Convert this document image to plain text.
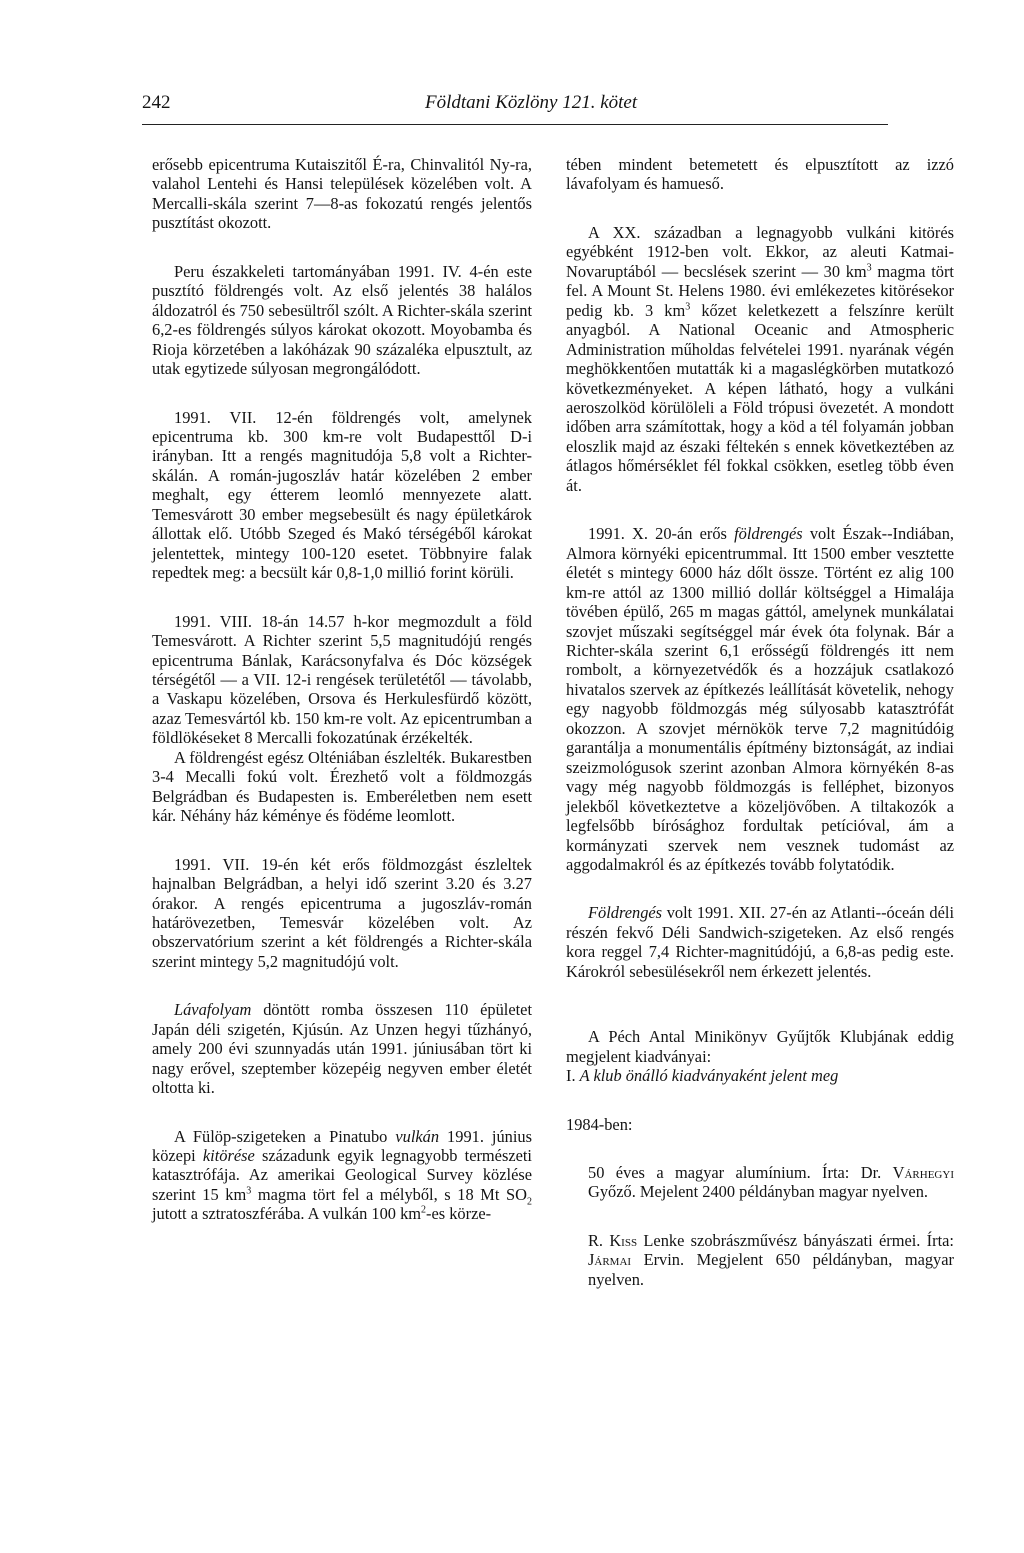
242	Földtani Közlöny 121. kötet

erősebb epicentruma Kutaiszitől É-ra, Chinvalitól Ny-ra, valahol Lentehi és Hansi települések közelében volt. A Mercalli-skála szerint 7—8-as fokozatú rengés jelentős pusztítást okozott.

Peru északkeleti tartományában 1991. IV. 4-én este pusztító földrengés volt. Az első jelentés 38 halálos áldozatról és 750 sebesültről szólt. A Richter-skála szerint 6,2-es földrengés súlyos károkat okozott. Moyobamba és Rioja körzetében a lakóházak 90 százaléka elpusztult, az utak egytizede súlyosan megrongálódott.

1991. VII. 12-én földrengés volt, amelynek epicentruma kb. 300 km-re volt Budapesttől D-i irányban. Itt a rengés magnitudója 5,8 volt a Richter-skálán. A román-jugoszláv határ közelében 2 ember meghalt, egy étterem leomló mennyezete alatt. Temesvárott 30 ember megsebesült és nagy épületkárok állottak elő. Utóbb Szeged és Makó térségéből károkat jelentettek, mintegy 100-120 esetet. Többnyire falak repedtek meg: a becsült kár 0,8-1,0 millió forint körüli.

1991. VIII. 18-án 14.57 h-kor megmozdult a föld Temesvárott. A Richter szerint 5,5 magnitudójú rengés epicentruma Bánlak, Karácsonyfalva és Dóc községek térségétől — a VII. 12-i rengések területétől — távolabb, a Vaskapu közelében, Orsova és Herkulesfürdő között, azaz Temesvártól kb. 150 km-re volt. Az epicentrumban a földlökéseket 8 Mercalli fokozatúnak érzékelték.

A földrengést egész Olténiában észlelték. Bukarestben 3-4 Mecalli fokú volt. Érezhető volt a földmozgás Belgrádban és Budapesten is. Emberéletben nem esett kár. Néhány ház kéménye és födéme leomlott.

1991. VII. 19-én két erős földmozgást észleltek hajnalban Belgrádban, a helyi idő szerint 3.20 és 3.27 órakor. A rengés epicentruma a jugoszláv-román határövezetben, Temesvár közelében volt. Az obszervatórium szerint a két földrengés a Richter-skála szerint mintegy 5,2 magnitudójú volt.

Lávafolyam döntött romba összesen 110 épületet Japán déli szigetén, Kjúsún. Az Unzen hegyi tűzhányó, amely 200 évi szunnyadás után 1991. júniusában tört ki nagy erővel, szeptember közepéig negyven ember életét oltotta ki.

A Fülöp-szigeteken a Pinatubo vulkán 1991. június közepi kitörése századunk egyik legnagyobb természeti katasztrófája. Az amerikai Geological Survey közlése szerint 15 $km^3$ magma tört fel a mélyből, s 18 Mt $SO_2$ jutott a sztratoszférába. A vulkán 100 $km^2-es$ körze-

tében mindent betemetett és elpusztított az izzó lávafolyam és hamueső.

A XX. században a legnagyobb vulkáni kitörés egyébként 1912-ben volt. Ekkor, az aleuti Katmai-Novaruptából — becslések szerint — 30 $km^3$ magma tört fel. A Mount St. Helens 1980. évi emlékezetes kitörésekor pedig kb. 3 $km^3$ kőzet keletkezett a felszínre került anyagból. A National Oceanic and Atmospheric Administration műholdas felvételei 1991. nyarának végén meghökkentően mutatták ki a magaslégkörben mutatkozó következményeket. A képen látható, hogy a vulkáni aeroszolköd körülöleli a Föld trópusi övezetét. A mondott időben arra számítottak, hogy a köd a tél folyamán jobban eloszlik majd az északi féltekén s ennek következtében az átlagos hőmérséklet fél fokkal csökken, esetleg több éven át.

1991. X. 20-án erős földrengés volt Észak--Indiában, Almora környéki epicentrummal. Itt 1500 ember vesztette életét s mintegy 6000 ház dőlt össze. Történt ez alig 100 km-re attól az 1300 millió dollár költséggel a Himalája tövében épülő, 265 m magas gáttól, amelynek munkálatai szovjet műszaki segítséggel már évek óta folynak. Bár a Richter-skála szerint 6,1 erősségű földrengés itt nem rombolt, a környezetvédők és a hozzájuk csatlakozó hivatalos szervek az építkezés leállítását követelik, nehogy egy nagyobb földmozgás még súlyosabb katasztrófát okozzon. A szovjet mérnökök terve 7,2 magnitúdóig garantálja a monumentális építmény biztonságát, az indiai szeizmológusok szerint azonban Almora környékén 8-as vagy még nagyobb földmozgás is felléphet, bizonyos jelekből következtetve a közeljövőben. A tiltakozók a legfelsőbb bírósághoz fordultak petícióval, ám a kormányzati szervek nem vesznek tudomást az aggodalmakról és az építkezés tovább folytatódik.

Földrengés volt 1991. XII. 27-én az Atlanti--óceán déli részén fekvő Déli Sandwich-szigeteken. Az első rengés kora reggel 7,4 Richter-magnitúdójú, a 6,8-as pedig este. Károkról sebesülésekről nem érkezett jelentés.

A Péch Antal Minikönyv Gyűjtők Klubjának eddig megjelent kiadványai:

I. A klub önálló kiadványaként jelent meg

1984-ben:

50 éves a magyar alumínium. Írta: Dr. Várhegyi Győző. Mejelent 2400 példányban magyar nyelven.

R. Kiss Lenke szobrászművész bányászati érmei. Írta: Jármai Ervin. Megjelent 650 példányban, magyar nyelven.
